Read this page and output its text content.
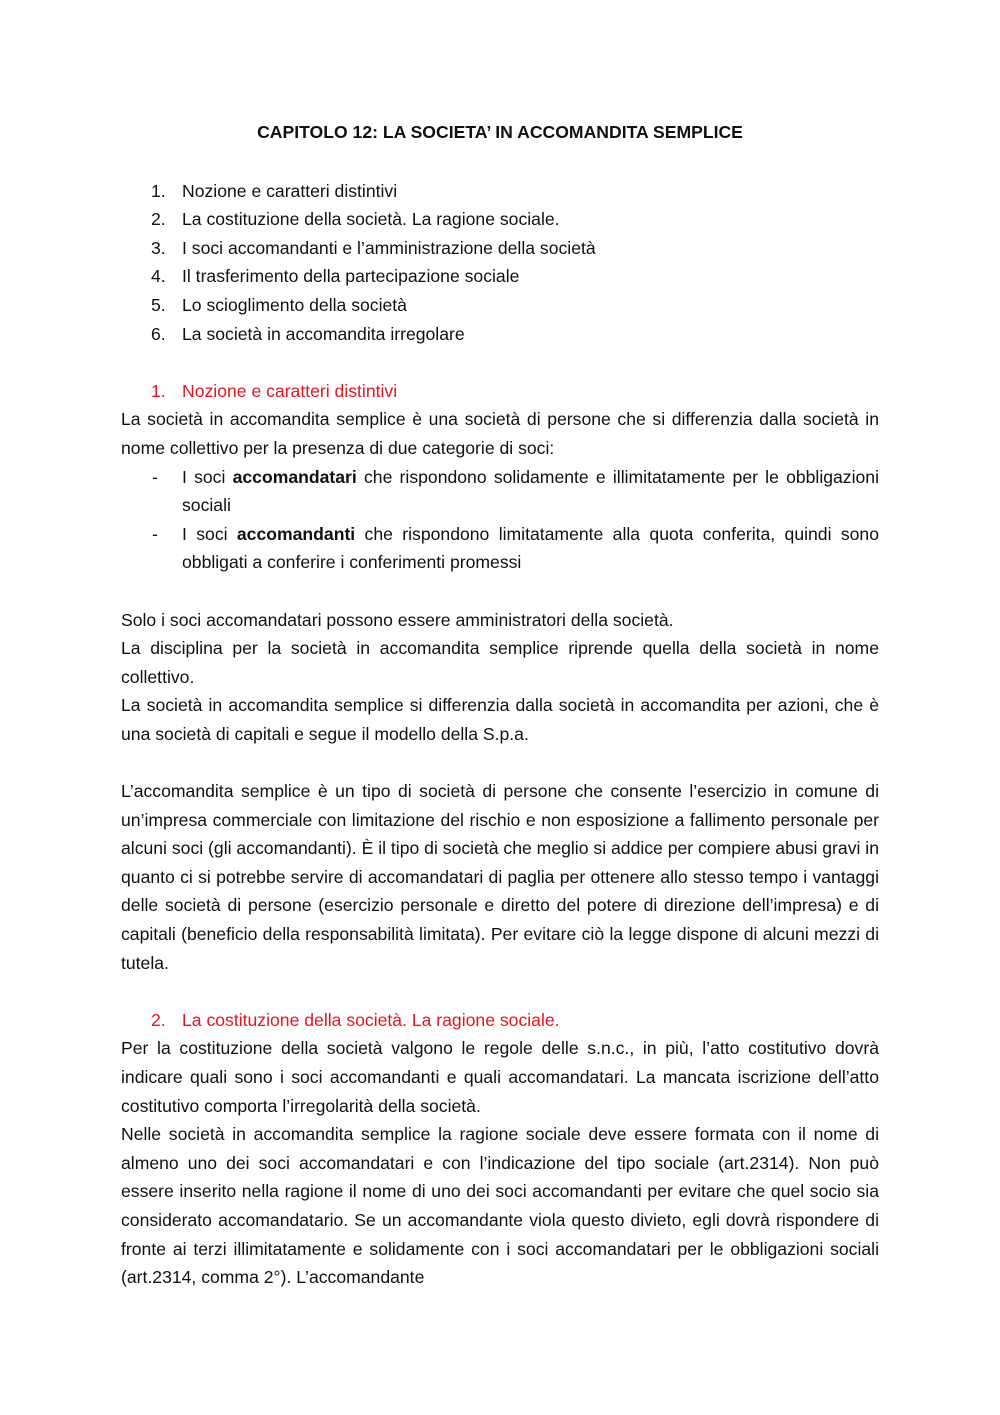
CAPITOLO 12: LA SOCIETA’ IN ACCOMANDITA SEMPLICE
1. Nozione e caratteri distintivi
2. La costituzione della società. La ragione sociale.
3. I soci accomandanti e l’amministrazione della società
4. Il trasferimento della partecipazione sociale
5. Lo scioglimento della società
6. La società in accomandita irregolare
1. Nozione e caratteri distintivi

La società in accomandita semplice è una società di persone che si differenzia dalla società in nome collettivo per la presenza di due categorie di soci:

-	I soci accomandatari che rispondono solidamente e illimitatamente per le obbligazioni sociali
-	I soci accomandanti che rispondono limitatamente alla quota conferita, quindi sono obbligati a conferire i conferimenti promessi

Solo i soci accomandatari possono essere amministratori della società.

La disciplina per la società in accomandita semplice riprende quella della società in nome collettivo.

La società in accomandita semplice si differenzia dalla società in accomandita per azioni, che è una società di capitali e segue il modello della S.p.a.

L’accomandita semplice è un tipo di società di persone che consente l’esercizio in comune di un’impresa commerciale con limitazione del rischio e non esposizione a fallimento personale per alcuni soci (gli accomandanti). È il tipo di società che meglio si addice per compiere abusi gravi in quanto ci si potrebbe servire di accomandatari di paglia per ottenere allo stesso tempo i vantaggi delle società di persone (esercizio personale e diretto del potere di direzione dell’impresa) e di capitali (beneficio della responsabilità limitata). Per evitare ciò la legge dispone di alcuni mezzi di tutela.

2. La costituzione della società. La ragione sociale.

Per la costituzione della società valgono le regole delle s.n.c., in più, l’atto costitutivo dovrà indicare quali sono i soci accomandanti e quali accomandatari. La mancata iscrizione dell’atto costitutivo comporta l’irregolarità della società.

Nelle società in accomandita semplice la ragione sociale deve essere formata con il nome di almeno uno dei soci accomandatari e con l’indicazione del tipo sociale (art.2314). Non può essere inserito nella ragione il nome di uno dei soci accomandanti per evitare che quel socio sia considerato accomandatario. Se un accomandante viola questo divieto, egli dovrà rispondere di fronte ai terzi illimitatamente e solidamente con i soci accomandatari per le obbligazioni sociali (art.2314, comma 2°). L’accomandante
